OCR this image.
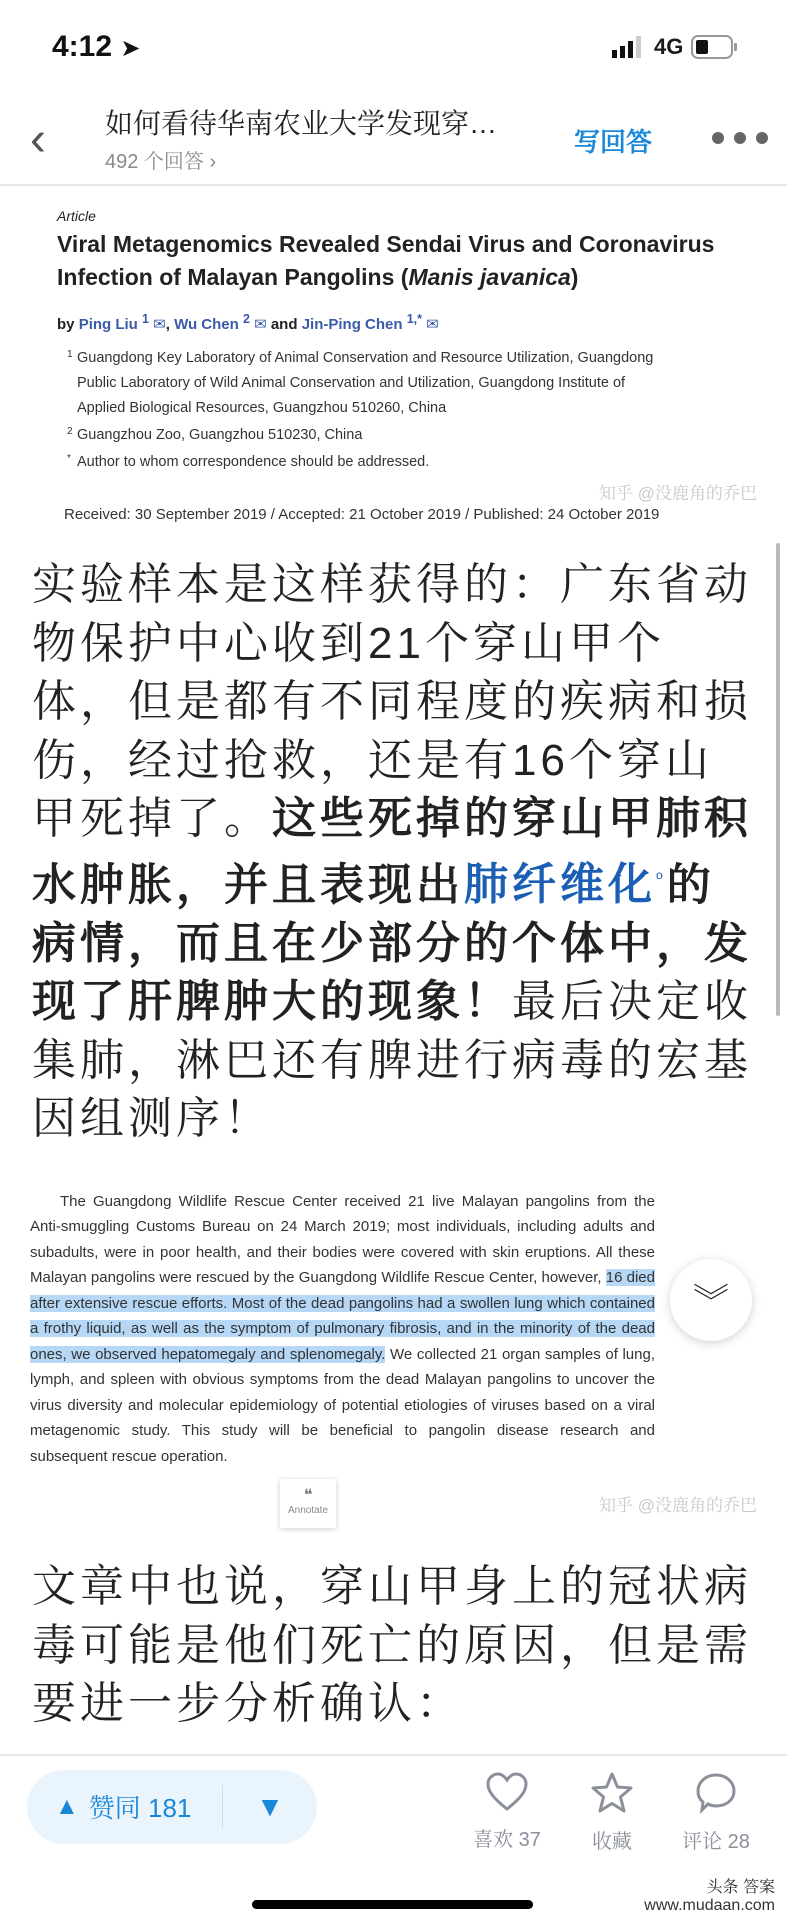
4:12 ➤	4G
‹ 如何看待华南农业大学发现穿…
492 个回答 ›
写回答
Article
Viral Metagenomics Revealed Sendai Virus and Coronavirus Infection of Malayan Pangolins (Manis javanica)
by Ping Liu $^1$ ✉, Wu Chen $^2$ ✉ and Jin-Ping Chen $^{1,*}$ ✉
1 Guangdong Key Laboratory of Animal Conservation and Resource Utilization, Guangdong
Public Laboratory of Wild Animal Conservation and Utilization, Guangdong Institute of
Applied Biological Resources, Guangzhou 510260, China
2 Guangzhou Zoo, Guangzhou 510230, China
* Author to whom correspondence should be addressed.
知乎 @没鹿角的乔巴
Received: 30 September 2019 / Accepted: 21 October 2019 / Published: 24 October 2019
实验样本是这样获得的：广东省动物保护中心收到21个穿山甲个体，但是都有不同程度的疾病和损伤，经过抢救，还是有16个穿山甲死掉了。这些死掉的穿山甲肺积水肿胀，并且表现出肺纤维化$^ᵒ$的病情，而且在少部分的个体中，发现了肝脾肿大的现象！最后决定收集肺，淋巴还有脾进行病毒的宏基因组测序！
The Guangdong Wildlife Rescue Center received 21 live Malayan pangolins from the Anti-smuggling Customs Bureau on 24 March 2019; most individuals, including adults and subadults, were in poor health, and their bodies were covered with skin eruptions. All these Malayan pangolins were rescued by the Guangdong Wildlife Rescue Center, however, 16 died after extensive rescue efforts. Most of the dead pangolins had a swollen lung which contained a frothy liquid, as well as the symptom of pulmonary fibrosis, and in the minority of the dead ones, we observed hepatomegaly and splenomegaly. We collected 21 organ samples of lung, lymph, and spleen with obvious symptoms from the dead Malayan pangolins to uncover the virus diversity and molecular epidemiology of potential etiologies of viruses based on a viral metagenomic study. This study will be beneficial to pangolin disease research and subsequent rescue operation.
︾
❝
Annotate	知乎 @没鹿角的乔巴
文章中也说，穿山甲身上的冠状病毒可能是他们死亡的原因，但是需要进一步分析确认：
▲ 赞同 181	▼
喜欢 37	收藏	评论 28
头条 答案 www.mudaan.com
